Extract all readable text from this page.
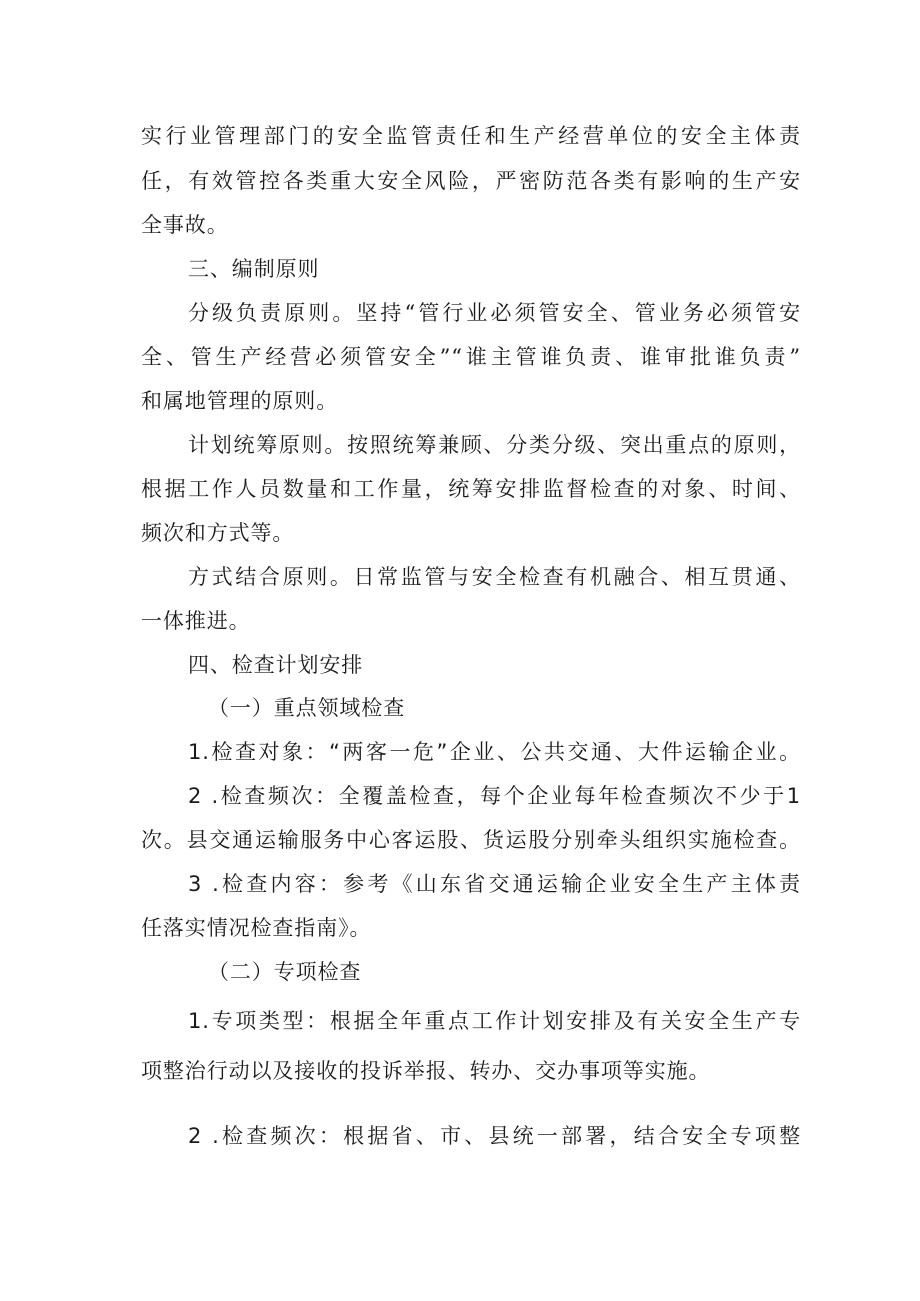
实行业管理部门的安全监管责任和生产经营单位的安全主体责
任，有效管控各类重大安全风险，严密防范各类有影响的生产安
全事故。
三、编制原则
分级负责原则。坚持“管行业必须管安全、管业务必须管安
全、管生产经营必须管安全”“谁主管谁负责、谁审批谁负责”
和属地管理的原则。
计划统筹原则。按照统筹兼顾、分类分级、突出重点的原则，
根据工作人员数量和工作量，统筹安排监督检查的对象、时间、
频次和方式等。
方式结合原则。日常监管与安全检查有机融合、相互贯通、
一体推进。
四、检查计划安排
（一）重点领域检查
1.检查对象：“两客一危”企业、公共交通、大件运输企业。
2 .检查频次：全覆盖检查，每个企业每年检查频次不少于1
次。县交通运输服务中心客运股、货运股分别牵头组织实施检查。
3 .检查内容：参考《山东省交通运输企业安全生产主体责
任落实情况检查指南》。
（二）专项检查
1.专项类型：根据全年重点工作计划安排及有关安全生产专
项整治行动以及接收的投诉举报、转办、交办事项等实施。
2 .检查频次：根据省、市、县统一部署，结合安全专项整
